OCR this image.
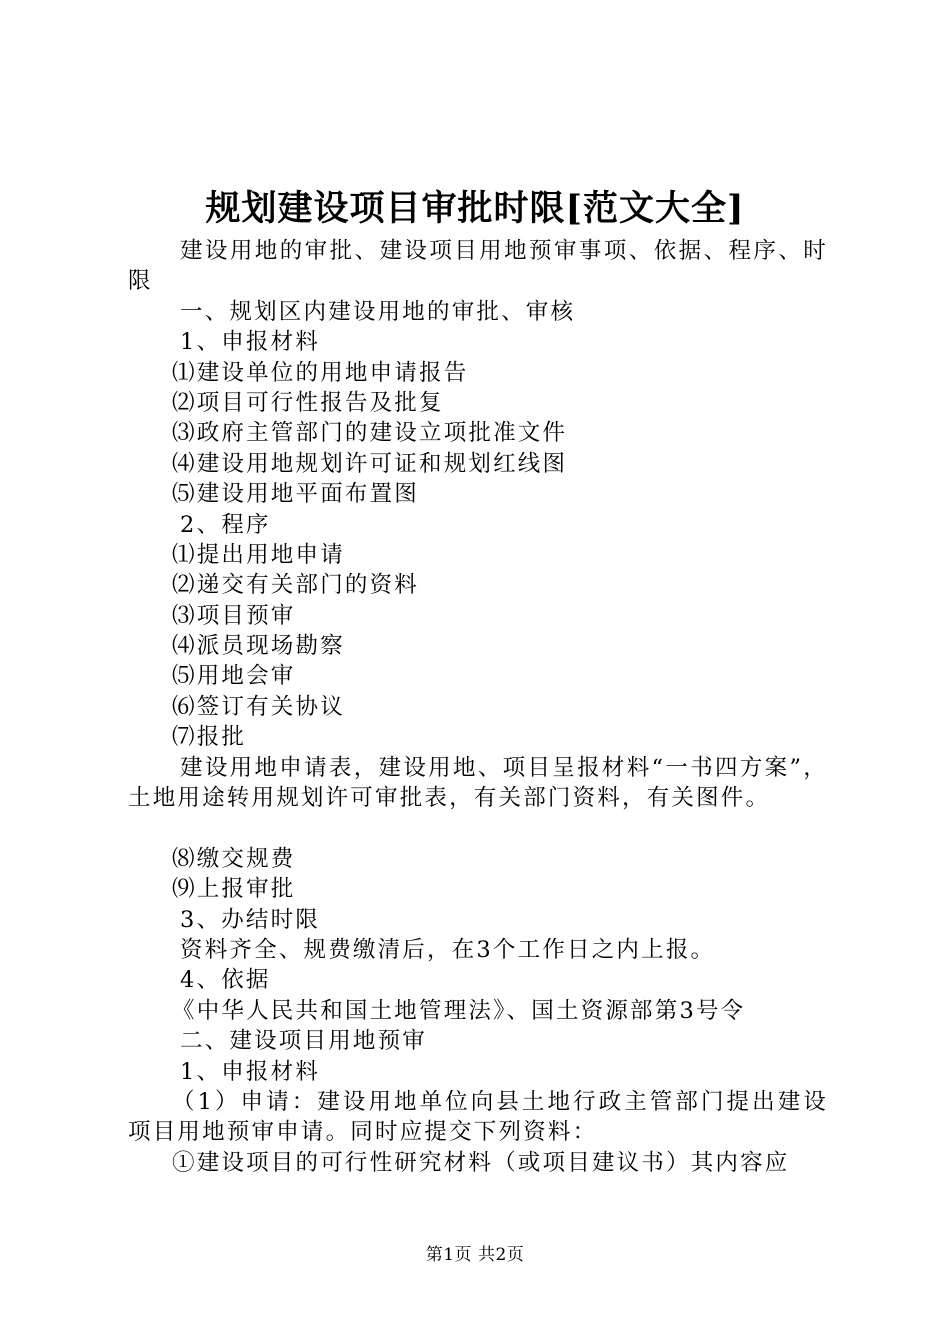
规划建设项目审批时限[范文大全]
建设用地的审批、建设项目用地预审事项、依据、程序、时限
一、规划区内建设用地的审批、审核
1、申报材料
⑴建设单位的用地申请报告
⑵项目可行性报告及批复
⑶政府主管部门的建设立项批准文件
⑷建设用地规划许可证和规划红线图
⑸建设用地平面布置图
2、程序
⑴提出用地申请
⑵递交有关部门的资料
⑶项目预审
⑷派员现场勘察
⑸用地会审
⑹签订有关协议
⑺报批
建设用地申请表，建设用地、项目呈报材料“一书四方案”，土地用途转用规划许可审批表，有关部门资料，有关图件。
⑻缴交规费
⑼上报审批
3、办结时限
资料齐全、规费缴清后，在3个工作日之内上报。
4、依据
《中华人民共和国土地管理法》、国土资源部第3号令
二、建设项目用地预审
1、申报材料
（1）申请：建设用地单位向县土地行政主管部门提出建设项目用地预审申请。同时应提交下列资料：
①建设项目的可行性研究材料（或项目建议书）其内容应
第1页 共2页
